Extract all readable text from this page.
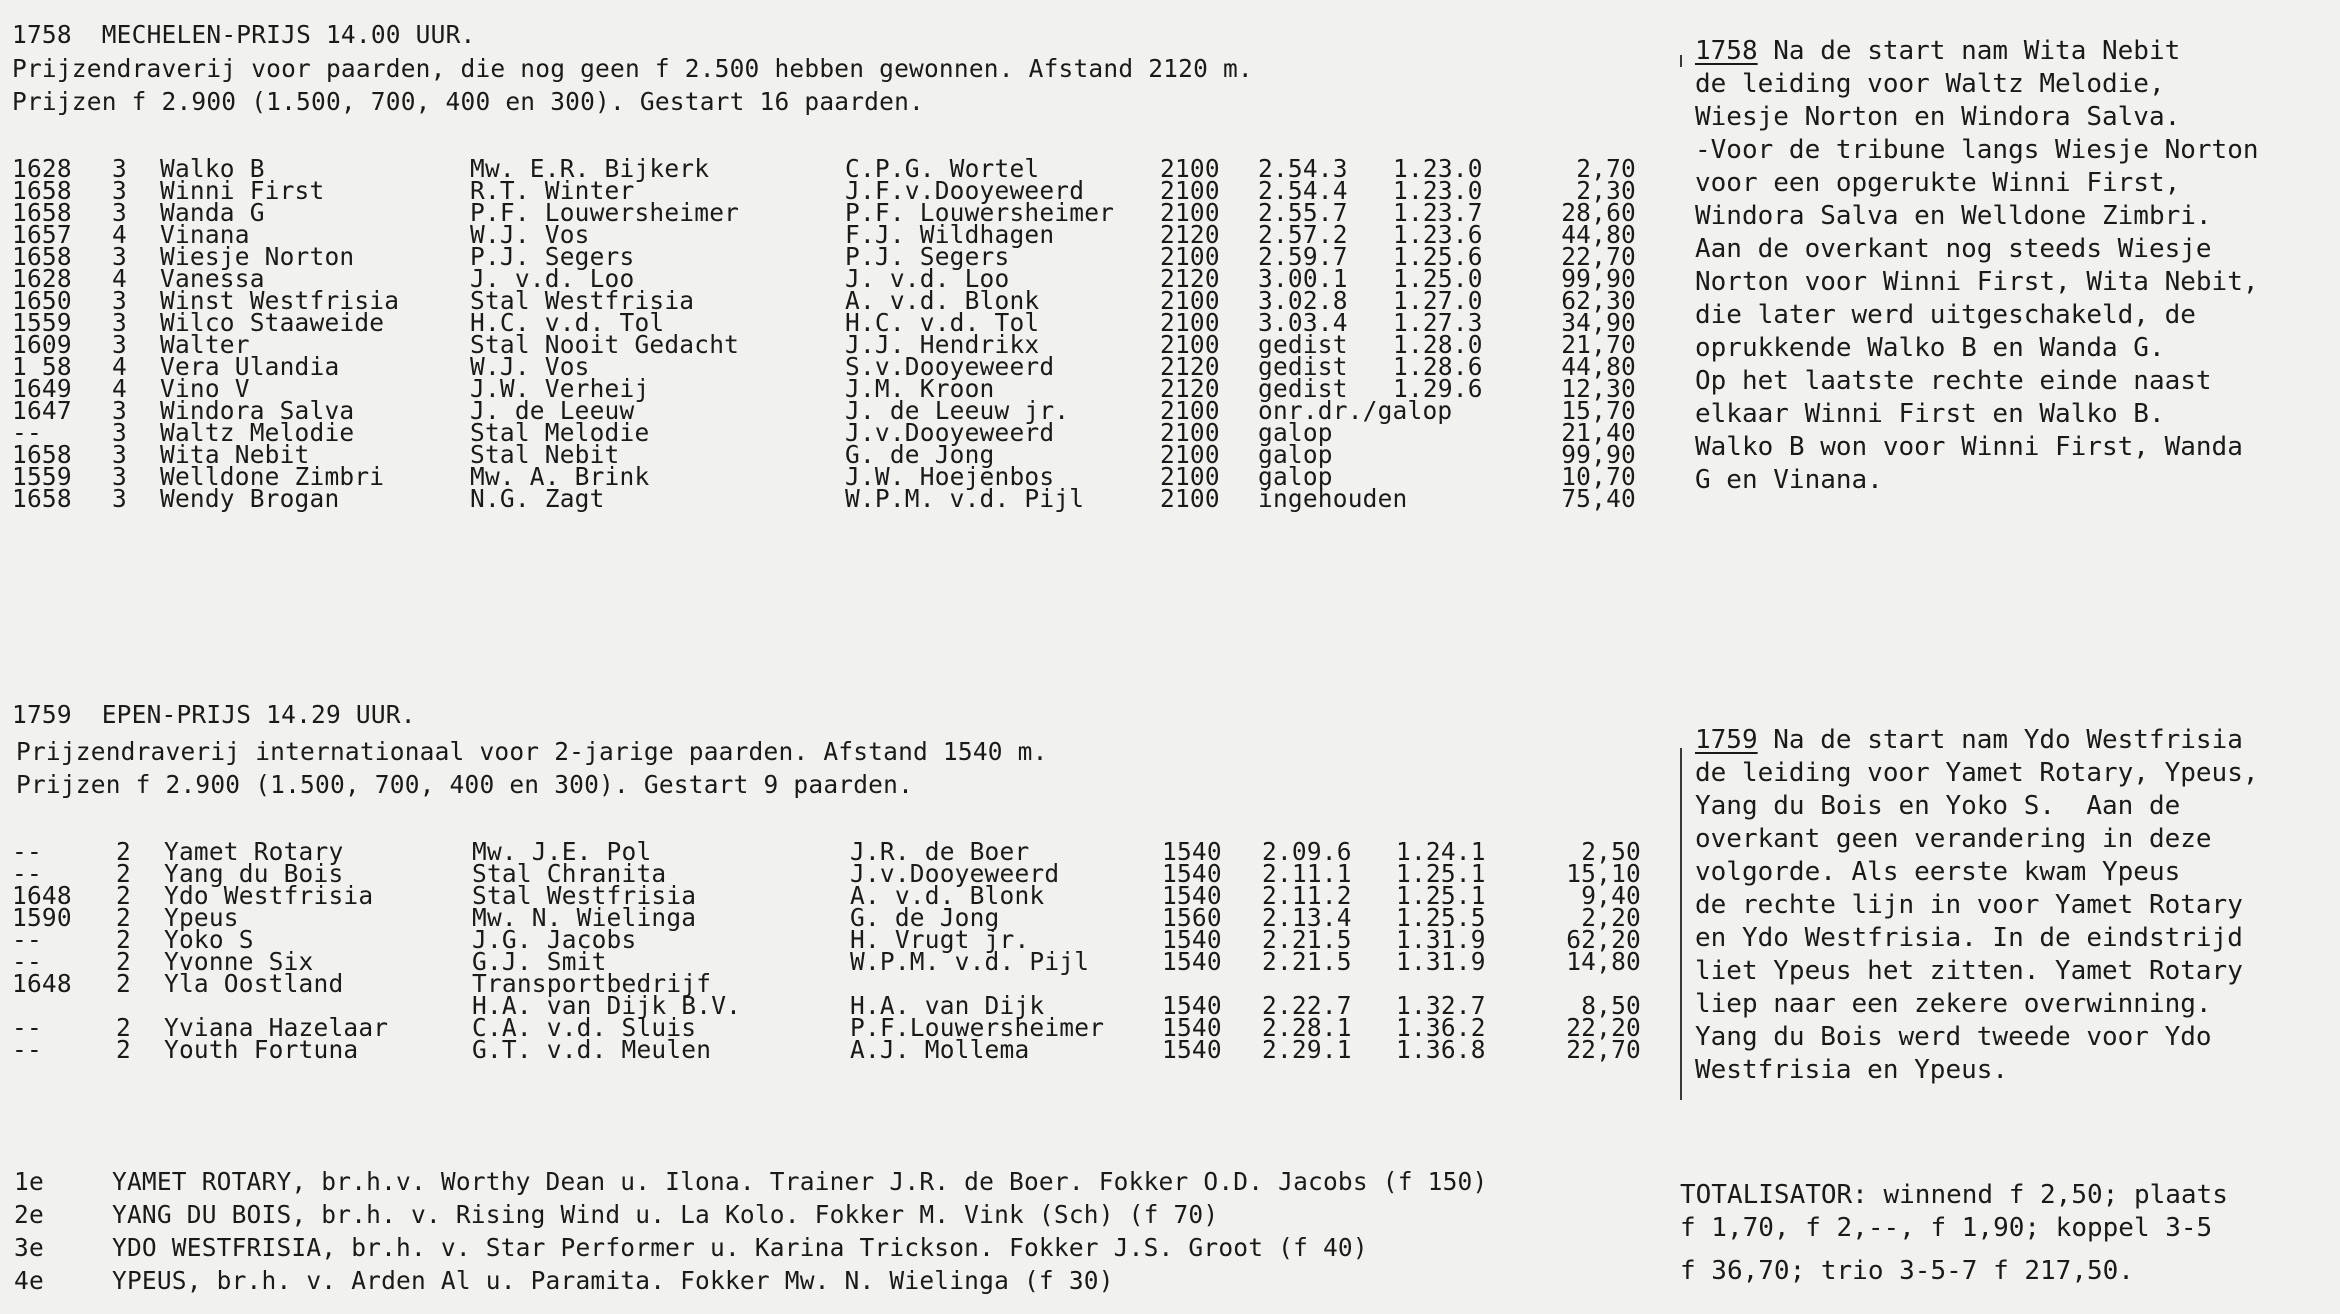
1758 MECHELEN-PRIJS 14.00 UUR.
Prijzendraverij voor paarden, die nog geen f 2.500 hebben gewonnen. Afstand 2120 m.
Prijzen f 2.900 (1.500, 700, 400 en 300). Gestart 16 paarden.
1628 3 Walko B	Mw. E.R. Bijkerk	C.P.G. Wortel	2100 2.54.3 1.23.0	2,70
1658 3 Winni First	R.T. Winter	J.F.v.Dooyeweerd	2100 2.54.4 1.23.0	2,30
1658 3 Wanda G	P.F. Louwersheimer	P.F. Louwersheimer 2100 2.55.7 1.23.7	28,60
1657 4 Vinana	W.J. Vos	F.J. Wildhagen	2120 2.57.2 1.23.6	44,80
1658 3 Wiesje Norton	P.J. Segers	P.J. Segers	2100 2.59.7 1.25.6	22,70
1628 4 Vanessa	J. v.d. Loo	J. v.d. Loo	2120 3.00.1 1.25.0	99,90
1650 3 Winst Westfrisia	Stal Westfrisia	A. v.d. Blonk	2100 3.02.8 1.27.0	62,30
1559 3 Wilco Staaweide	H.C. v.d. Tol	H.C. v.d. Tol	2100 3.03.4 1.27.3	34,90
1609 3 Walter	Stal Nooit Gedacht	J.J. Hendrikx	2100 gedist 1.28.0	21,70
1 58 4 Vera Ulandia	W.J. Vos	S.v.Dooyeweerd	2120 gedist 1.28.6	44,80
1649 4 Vino V	J.W. Verheij	J.M. Kroon	2120 gedist 1.29.6	12,30
1647 3 Windora Salva	J. de Leeuw	J. de Leeuw jr.	2100 onr.dr./galop	15,70
--	3 Waltz Melodie	Stal Melodie	J.v.Dooyeweerd	2100 galop	21,40
1658 3 Wita Nebit	Stal Nebit	G. de Jong	2100 galop	99,90
1559 3 Welldone Zimbri	Mw. A. Brink	J.W. Hoejenbos	2100 galop	10,70
1658 3 Wendy Brogan	N.G. Zagt	W.P.M. v.d. Pijl	2100 ingehouden	75,40
1759 EPEN-PRIJS 14.29 UUR.
Prijzendraverij internationaal voor 2-jarige paarden. Afstand 1540 m.
Prijzen f 2.900 (1.500, 700, 400 en 300). Gestart 9 paarden.
--	2 Yamet Rotary	Mw. J.E. Pol	J.R. de Boer	1540 2.09.6 1.24.1	2,50
--	2 Yang du Bois	Stal Chranita	J.v.Dooyeweerd	1540 2.11.1 1.25.1	15,10
1648 2 Ydo Westfrisia	Stal Westfrisia	A. v.d. Blonk	1540 2.11.2 1.25.1	9,40
1590 2 Ypeus	Mw. N. Wielinga	G. de Jong	1560 2.13.4 1.25.5	2,20
--	2 Yoko S	J.G. Jacobs	H. Vrugt jr.	1540 2.21.5 1.31.9	62,20
--	2 Yvonne Six	G.J. Smit	W.P.M. v.d. Pijl	1540 2.21.5 1.31.9	14,80
1648 2 Yla Oostland	Transportbedrijf
H.A. van Dijk B.V.	H.A. van Dijk	1540 2.22.7 1.32.7	8,50
--	2 Yviana Hazelaar	C.A. v.d. Sluis	P.F.Louwersheimer 1540 2.28.1 1.36.2	22,20
--	2 Youth Fortuna	G.T. v.d. Meulen	A.J. Mollema	1540 2.29.1 1.36.8	22,70
1e	YAMET ROTARY, br.h.v. Worthy Dean u. Ilona. Trainer J.R. de Boer. Fokker O.D. Jacobs (f 150)
2e	YANG DU BOIS, br.h. v. Rising Wind u. La Kolo. Fokker M. Vink (Sch) (f 70)
3e	YDO WESTFRISIA, br.h. v. Star Performer u. Karina Trickson. Fokker J.S. Groot (f 40)
4e	YPEUS, br.h. v. Arden Al u. Paramita. Fokker Mw. N. Wielinga (f 30)
1758 Na de start nam Wita Nebit
de leiding voor Waltz Melodie,
Wiesje Norton en Windora Salva.
-Voor de tribune langs Wiesje Norton
voor een opgerukte Winni First,
Windora Salva en Welldone Zimbri.
Aan de overkant nog steeds Wiesje
Norton voor Winni First, Wita Nebit,
die later werd uitgeschakeld, de
oprukkende Walko B en Wanda G.
Op het laatste rechte einde naast
elkaar Winni First en Walko B.
Walko B won voor Winni First, Wanda
G en Vinana.
1759 Na de start nam Ydo Westfrisia
de leiding voor Yamet Rotary, Ypeus,
Yang du Bois en Yoko S.  Aan de
overkant geen verandering in deze
volgorde. Als eerste kwam Ypeus
de rechte lijn in voor Yamet Rotary
en Ydo Westfrisia. In de eindstrijd
liet Ypeus het zitten. Yamet Rotary
liep naar een zekere overwinning.
Yang du Bois werd tweede voor Ydo
Westfrisia en Ypeus.
TOTALISATOR: winnend f 2,50; plaats
f 1,70, f 2,--, f 1,90; koppel 3-5
f 36,70; trio 3-5-7 f 217,50.
